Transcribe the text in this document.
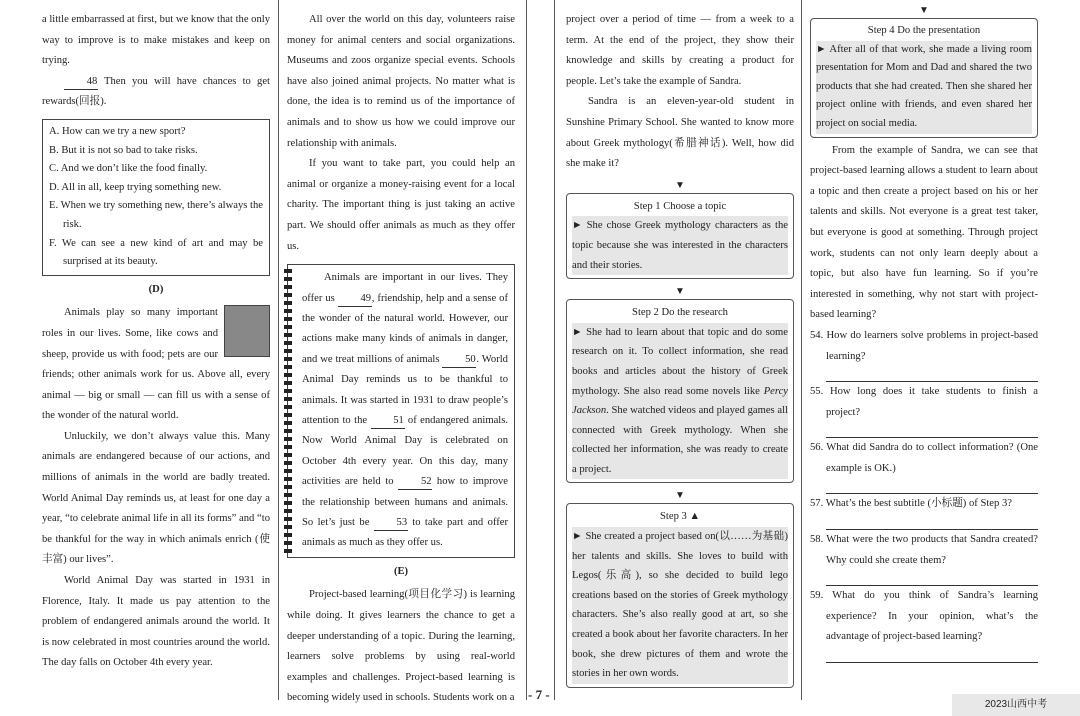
a little embarrassed at first, but we know that the only way to improve is to make mistakes and keep on trying.

48 Then you will have chances to get rewards(回报).

A. How can we try a new sport?

B. But it is not so bad to take risks.

C. And we don’t like the food finally.

D. All in all, keep trying something new.

E. When we try something new, there’s always the risk.

F. We can see a new kind of art and may be surprised at its beauty.

(D)

Animals play so many important roles in our lives. Some, like cows and sheep, provide us with food; pets are our friends; other animals work for us. Above all, every animal — big or small — can fill us with a sense of the wonder of the natural world.

Unluckily, we don’t always value this. Many animals are endangered because of our actions, and millions of animals in the world are badly treated. World Animal Day reminds us, at least for one day a year, “to celebrate animal life in all its forms” and “to be thankful for the way in which animals enrich (使丰富) our lives”.

World Animal Day was started in 1931 in Florence, Italy. It made us pay attention to the problem of endangered animals around the world. It is now celebrated in most countries around the world. The day falls on October 4th every year.

All over the world on this day, volunteers raise money for animal centers and social organizations. Museums and zoos organize special events. Schools have also joined animal projects. No matter what is done, the idea is to remind us of the importance of animals and to show us how we could improve our relationship with animals.

If you want to take part, you could help an animal or organize a money-raising event for a local charity. The important thing is just taking an active part. We should offer animals as much as they offer us.

Animals are important in our lives. They offer us 49, friendship, help and a sense of the wonder of the natural world. However, our actions make many kinds of animals in danger, and we treat millions of animals 50. World Animal Day reminds us to be thankful to animals. It was started in 1931 to draw people’s attention to the 51 of endangered animals. Now World Animal Day is celebrated on October 4th every year. On this day, many activities are held to 52 how to improve the relationship between humans and animals. So let’s just be 53 to take part and offer animals as much as they offer us.

(E)

Project-based learning(项目化学习) is learning while doing. It gives learners the chance to get a deeper understanding of a topic. During the learning, learners solve problems by using real-world examples and challenges. Project-based learning is becoming widely used in schools. Students work on a

project over a period of time — from a week to a term. At the end of the project, they show their knowledge and skills by creating a product for people. Let’s take the example of Sandra.

Sandra is an eleven-year-old student in Sunshine Primary School. She wanted to know more about Greek mythology(希腊神话). Well, how did she make it?

▼
Step 1 Choose a topic
► She chose Greek mythology characters as the topic because she was interested in the characters and their stories.
▼
Step 2 Do the research
► She had to learn about that topic and do some research on it. To collect information, she read books and articles about the history of Greek mythology. She also read some novels like Percy Jackson. She watched videos and played games all connected with Greek mythology. When she collected her information, she was ready to create a project.
▼
Step 3 ▲
► She created a project based on(以……为基础) her talents and skills. She loves to build with Legos(乐高), so she decided to build lego creations based on the stories of Greek mythology characters. She’s also really good at art, so she created a book about her favorite characters. In her book, she drew pictures of them and wrote the stories in her own words.
▼
Step 4 Do the presentation
► After all of that work, she made a living room presentation for Mom and Dad and shared the two products that she had created. Then she shared her project online with friends, and even shared her project on social media.

From the example of Sandra, we can see that project-based learning allows a student to learn about a topic and then create a project based on his or her talents and skills. Not everyone is a great test taker, but everyone is good at something. Through project work, students can not only learn deeply about a topic, but also have fun learning. So if you’re interested in something, why not start with project-based learning?

54. How do learners solve problems in project-based learning?

55. How long does it take students to finish a project?

56. What did Sandra do to collect information? (One example is OK.)

57. What’s the best subtitle (小标题) of Step 3?

58. What were the two products that Sandra created? Why could she create them?

59. What do you think of Sandra’s learning experience? In your opinion, what’s the advantage of project-based learning?

- 7 -
2023山西中考
